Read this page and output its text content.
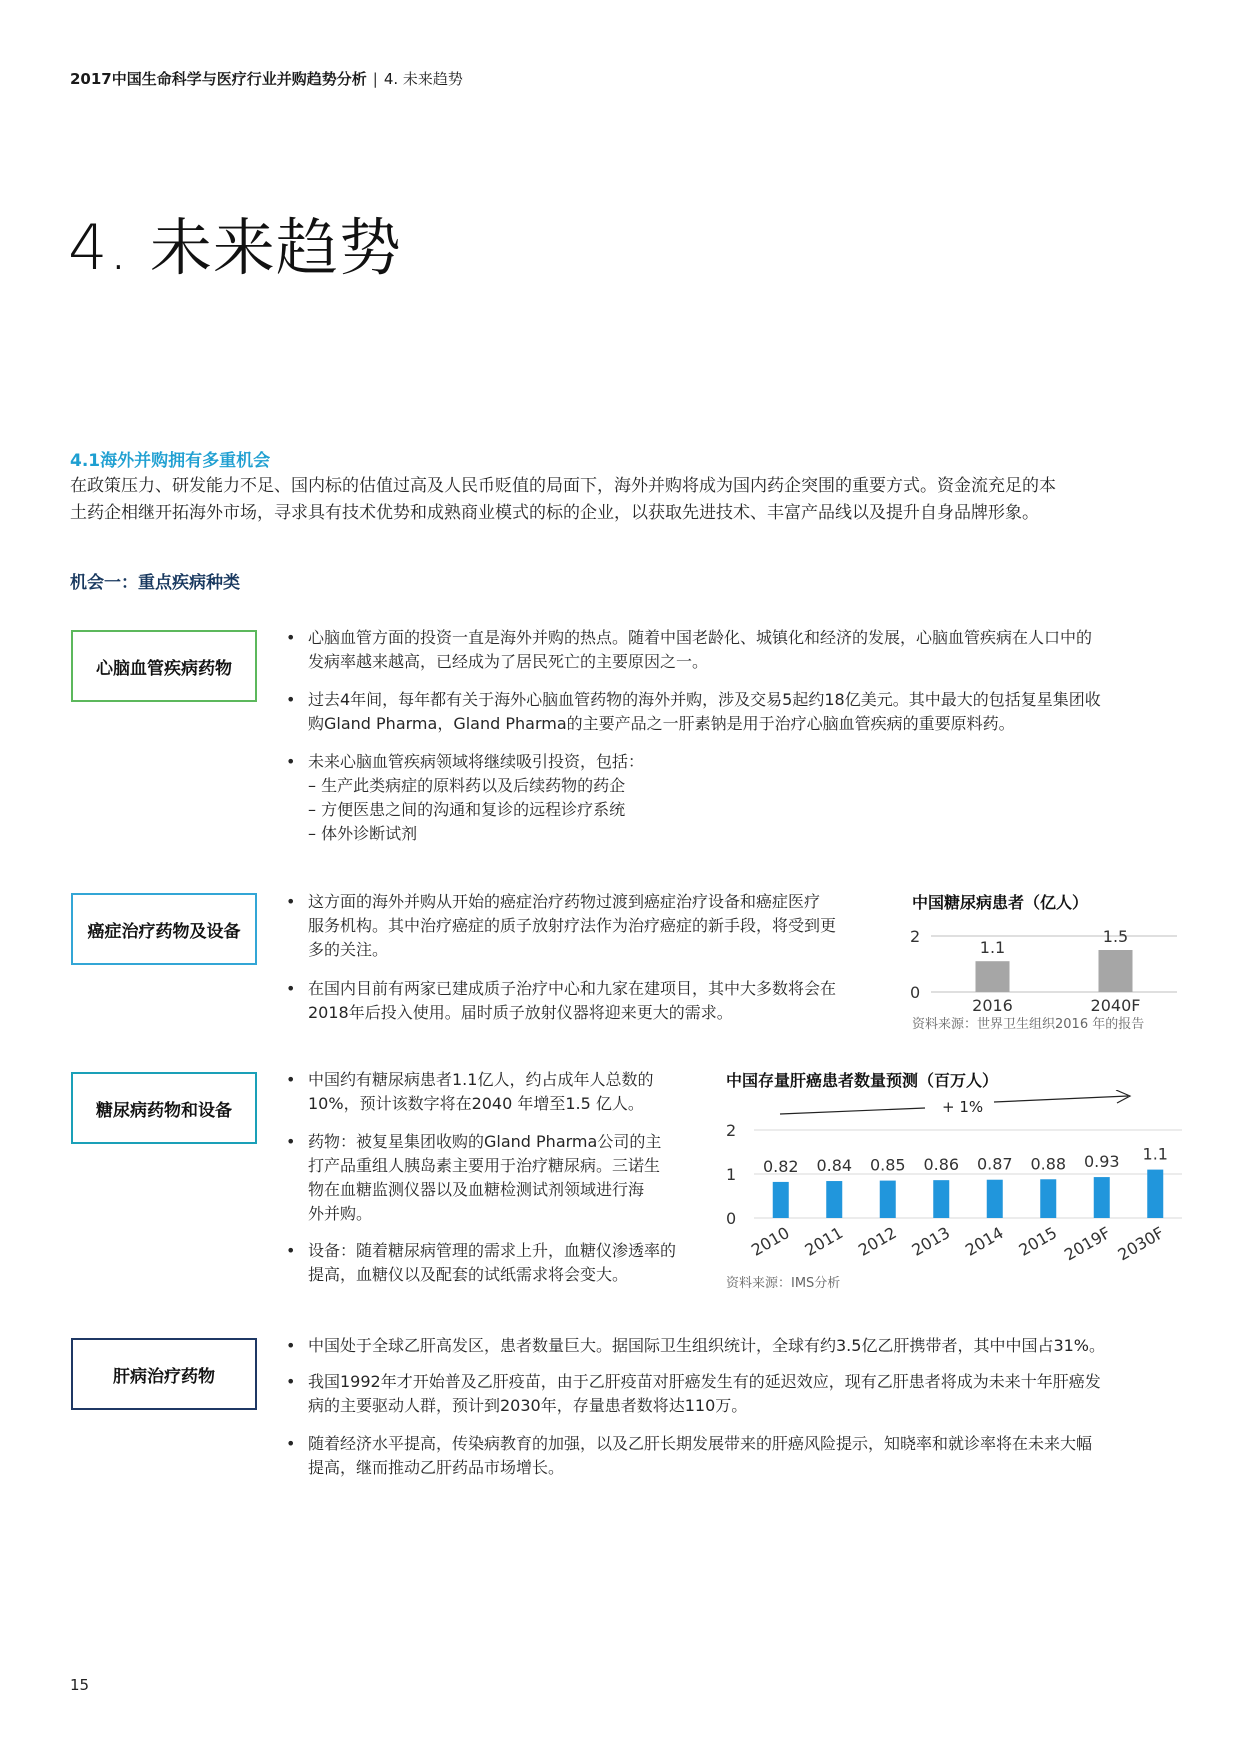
2017中国生命科学与医疗行业并购趋势分析 | 4. 未来趋势
4. 未来趋势
4.1海外并购拥有多重机会
在政策压力、研发能力不足、国内标的估值过高及人民币贬值的局面下，海外并购将成为国内药企突围的重要方式。资金流充足的本
土药企相继开拓海外市场，寻求具有技术优势和成熟商业模式的标的企业，以获取先进技术、丰富产品线以及提升自身品牌形象。
机会一：重点疾病种类
心脑血管疾病药物
• 心脑血管方面的投资一直是海外并购的热点。随着中国老龄化、城镇化和经济的发展，心脑血管疾病在人口中的
发病率越来越高，已经成为了居民死亡的主要原因之一。
• 过去4年间，每年都有关于海外心脑血管药物的海外并购，涉及交易5起约18亿美元。其中最大的包括复星集团收
购Gland Pharma，Gland Pharma的主要产品之一肝素钠是用于治疗心脑血管疾病的重要原料药。
• 未来心脑血管疾病领域将继续吸引投资，包括：
– 生产此类病症的原料药以及后续药物的药企
– 方便医患之间的沟通和复诊的远程诊疗系统
– 体外诊断试剂
癌症治疗药物及设备
• 这方面的海外并购从开始的癌症治疗药物过渡到癌症治疗设备和癌症医疗
服务机构。其中治疗癌症的质子放射疗法作为治疗癌症的新手段，将受到更
多的关注。
• 在国内目前有两家已建成质子治疗中心和九家在建项目，其中大多数将会在
2018年后投入使用。届时质子放射仪器将迎来更大的需求。
中国糖尿病患者（亿人）
0
2
1.1
2016
1.5
2040F
资料来源：世界卫生组织2016 年的报告
糖尿病药物和设备
• 中国约有糖尿病患者1.1亿人，约占成年人总数的
10%，预计该数字将在2040 年增至1.5 亿人。
• 药物：被复星集团收购的Gland Pharma公司的主
打产品重组人胰岛素主要用于治疗糖尿病。三诺生
物在血糖监测仪器以及血糖检测试剂领域进行海
外并购。
• 设备：随着糖尿病管理的需求上升，血糖仪渗透率的
提高，血糖仪以及配套的试纸需求将会变大。
中国存量肝癌患者数量预测（百万人）
0
1
2
0.82
2010
0.84
2011
0.85
2012
0.86
2013
0.87
2014
0.88
2015
0.93
2019F
1.1
2030F
+ 1%
资料来源：IMS分析
肝病治疗药物
• 中国处于全球乙肝高发区，患者数量巨大。据国际卫生组织统计，全球有约3.5亿乙肝携带者，其中中国占31%。
• 我国1992年才开始普及乙肝疫苗，由于乙肝疫苗对肝癌发生有的延迟效应，现有乙肝患者将成为未来十年肝癌发
病的主要驱动人群，预计到2030年，存量患者数将达110万。
• 随着经济水平提高，传染病教育的加强，以及乙肝长期发展带来的肝癌风险提示，知晓率和就诊率将在未来大幅
提高，继而推动乙肝药品市场增长。
15
